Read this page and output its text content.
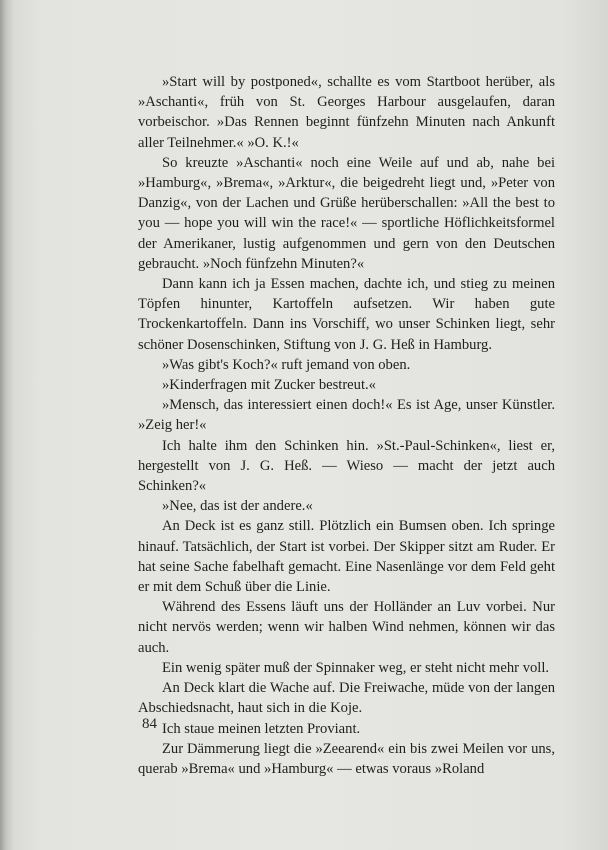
»Start will by postponed«, schallte es vom Startboot herüber, als »Aschanti«, früh von St. Georges Harbour ausgelaufen, daran vorbeischor. »Das Rennen beginnt fünfzehn Minuten nach Ankunft aller Teilnehmer.« »O. K.!«

So kreuzte »Aschanti« noch eine Weile auf und ab, nahe bei »Hamburg«, »Brema«, »Arktur«, die beigedreht liegt und, »Peter von Danzig«, von der Lachen und Grüße herüberschallen: »All the best to you — hope you will win the race!« — sportliche Höflichkeitsformel der Amerikaner, lustig aufgenommen und gern von den Deutschen gebraucht. »Noch fünfzehn Minuten?«

Dann kann ich ja Essen machen, dachte ich, und stieg zu meinen Töpfen hinunter, Kartoffeln aufsetzen. Wir haben gute Trockenkartoffeln. Dann ins Vorschiff, wo unser Schinken liegt, sehr schöner Dosenschinken, Stiftung von J. G. Heß in Hamburg.

»Was gibt's Koch?« ruft jemand von oben.

»Kinderfragen mit Zucker bestreut.«

»Mensch, das interessiert einen doch!« Es ist Age, unser Künstler. »Zeig her!«

Ich halte ihm den Schinken hin. »St.-Paul-Schinken«, liest er, hergestellt von J. G. Heß. — Wieso — macht der jetzt auch Schinken?«

»Nee, das ist der andere.«

An Deck ist es ganz still. Plötzlich ein Bumsen oben. Ich springe hinauf. Tatsächlich, der Start ist vorbei. Der Skipper sitzt am Ruder. Er hat seine Sache fabelhaft gemacht. Eine Nasenlänge vor dem Feld geht er mit dem Schuß über die Linie.

Während des Essens läuft uns der Holländer an Luv vorbei. Nur nicht nervös werden; wenn wir halben Wind nehmen, können wir das auch.

Ein wenig später muß der Spinnaker weg, er steht nicht mehr voll.

An Deck klart die Wache auf. Die Freiwache, müde von der langen Abschiedsnacht, haut sich in die Koje.

Ich staue meinen letzten Proviant.

Zur Dämmerung liegt die »Zeearend« ein bis zwei Meilen vor uns, querab »Brema« und »Hamburg« — etwas voraus »Roland

84
